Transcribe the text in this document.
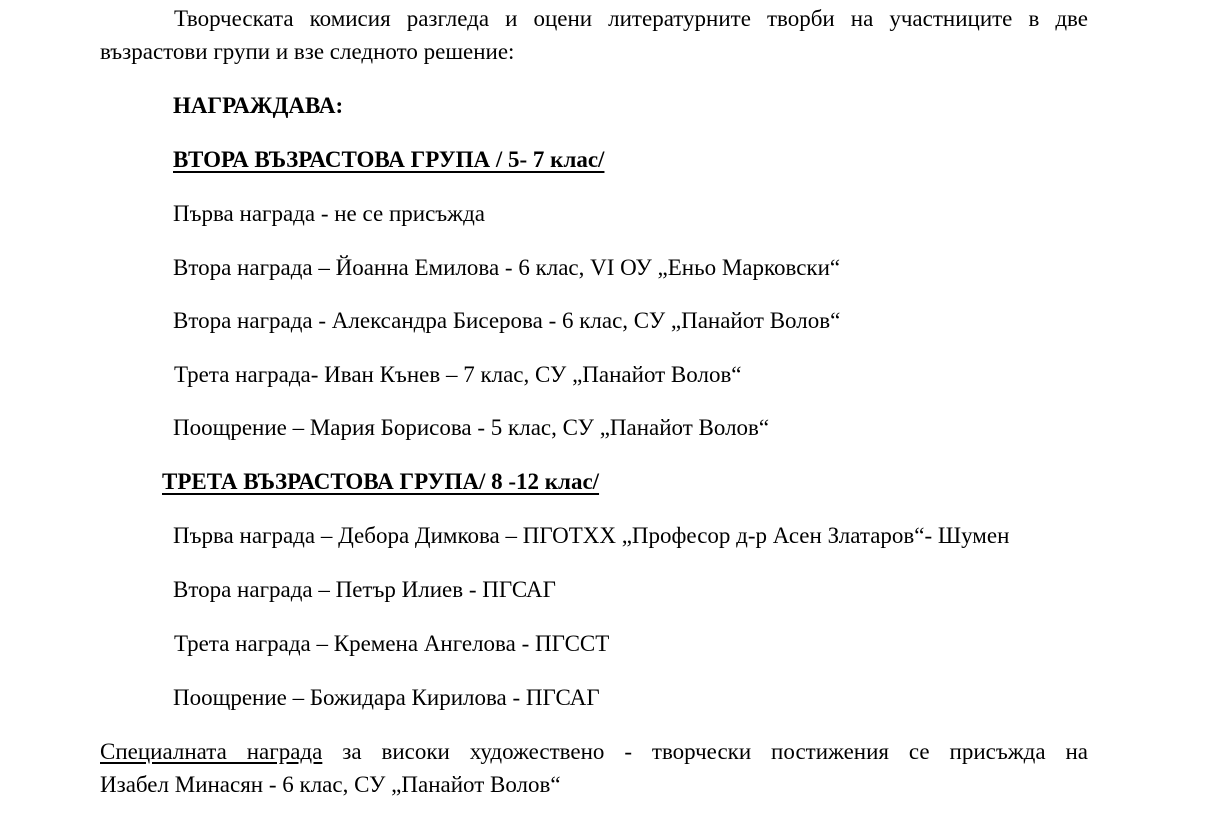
Творческата комисия разгледа и оцени литературните творби на участниците в две
възрастови групи и взе следното решение:
НАГРАЖДАВА:
ВТОРА ВЪЗРАСТОВА ГРУПА / 5- 7 клас/
Първа награда - не се присъжда
Втора награда – Йоанна Емилова - 6 клас, VI ОУ „Еньо Марковски“
Втора награда - Александра Бисерова - 6 клас, СУ „Панайот Волов“
Трета награда- Иван Кънев – 7 клас, СУ „Панайот Волов“
Поощрение – Мария Борисова - 5 клас, СУ „Панайот Волов“
ТРЕТА ВЪЗРАСТОВА ГРУПА/ 8 -12 клас/
Първа награда – Дебора Димкова – ПГОТХХ „Професор д-р Асен Златаров“- Шумен
Втора награда – Петър Илиев - ПГСАГ
Трета награда – Кремена Ангелова - ПГССТ
Поощрение – Божидара Кирилова - ПГСАГ
Специалната награда за високи художествено - творчески постижения се присъжда на
Изабел Минасян - 6 клас, СУ „Панайот Волов“
